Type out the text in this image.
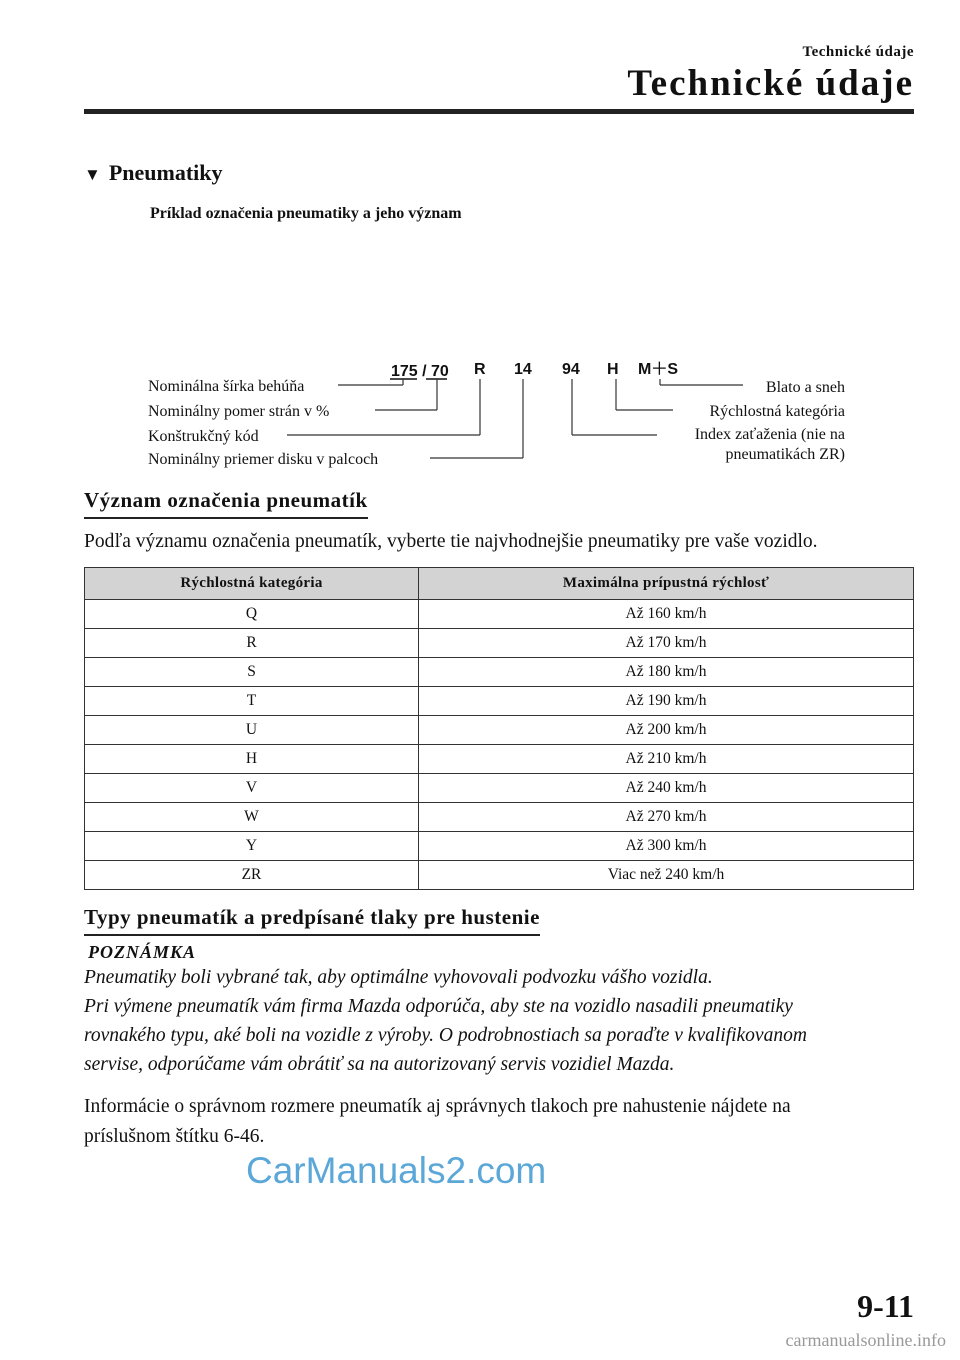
Technické údaje
Technické údaje
▼ Pneumatiky
Príklad označenia pneumatiky a jeho význam
175 / 70 R 14 94 H M＋S
Nominálna šírka behúňa
Nominálny pomer strán v %
Konštrukčný kód
Nominálny priemer disku v palcoch
Blato a sneh
Rýchlostná kategória
Index zaťaženia (nie na
pneumatikách ZR)
Význam označenia pneumatík
Podľa významu označenia pneumatík, vyberte tie najvhodnejšie pneumatiky pre vaše vozidlo.
Rýchlostná kategória	Maximálna prípustná rýchlosť
Q	Až 160 km/h
R	Až 170 km/h
S	Až 180 km/h
T	Až 190 km/h
U	Až 200 km/h
H	Až 210 km/h
V	Až 240 km/h
W	Až 270 km/h
Y	Až 300 km/h
ZR	Viac než 240 km/h
Typy pneumatík a predpísané tlaky pre hustenie
POZNÁMKA
Pneumatiky boli vybrané tak, aby optimálne vyhovovali podvozku vášho vozidla.
Pri výmene pneumatík vám firma Mazda odporúča, aby ste na vozidlo nasadili pneumatiky
rovnakého typu, aké boli na vozidle z výroby. O podrobnostiach sa poraďte v kvalifikovanom
servise, odporúčame vám obrátiť sa na autorizovaný servis vozidiel Mazda.
Informácie o správnom rozmere pneumatík aj správnych tlakoch pre nahustenie nájdete na
príslušnom štítku 6-46.
CarManuals2.com
9-11
carmanualsonline.info
